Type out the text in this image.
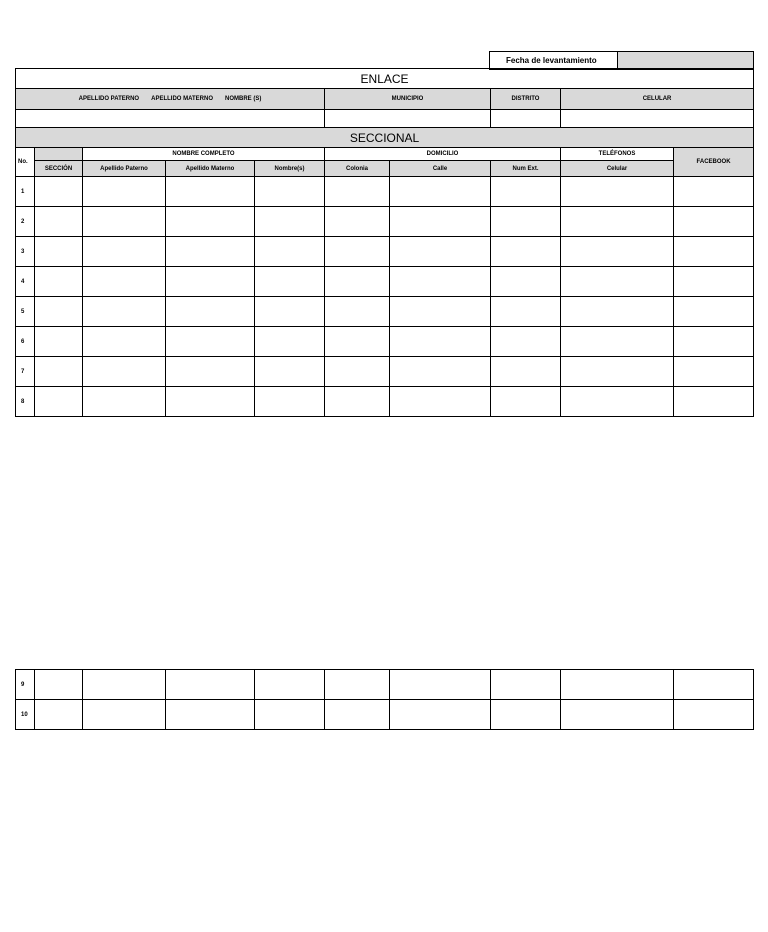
Fecha de levantamiento	
ENLACE									

APELLIDO PATERNO APELLIDO MATERNO NOMBRE (S)					MUNICIPIO		DISTRITO	CELULAR	

SECCIONAL									
No.		NOMBRE COMPLETO			DOMICILIO			TELÉFONOS	FACEBOOK
	SECCIÓN	Apellido Paterno	Apellido Materno	Nombre(s)	Colonia	Calle	Num Ext.	Celular	
1									
2									
3									
4									
5									
6									
7									
8									
9									
10									
